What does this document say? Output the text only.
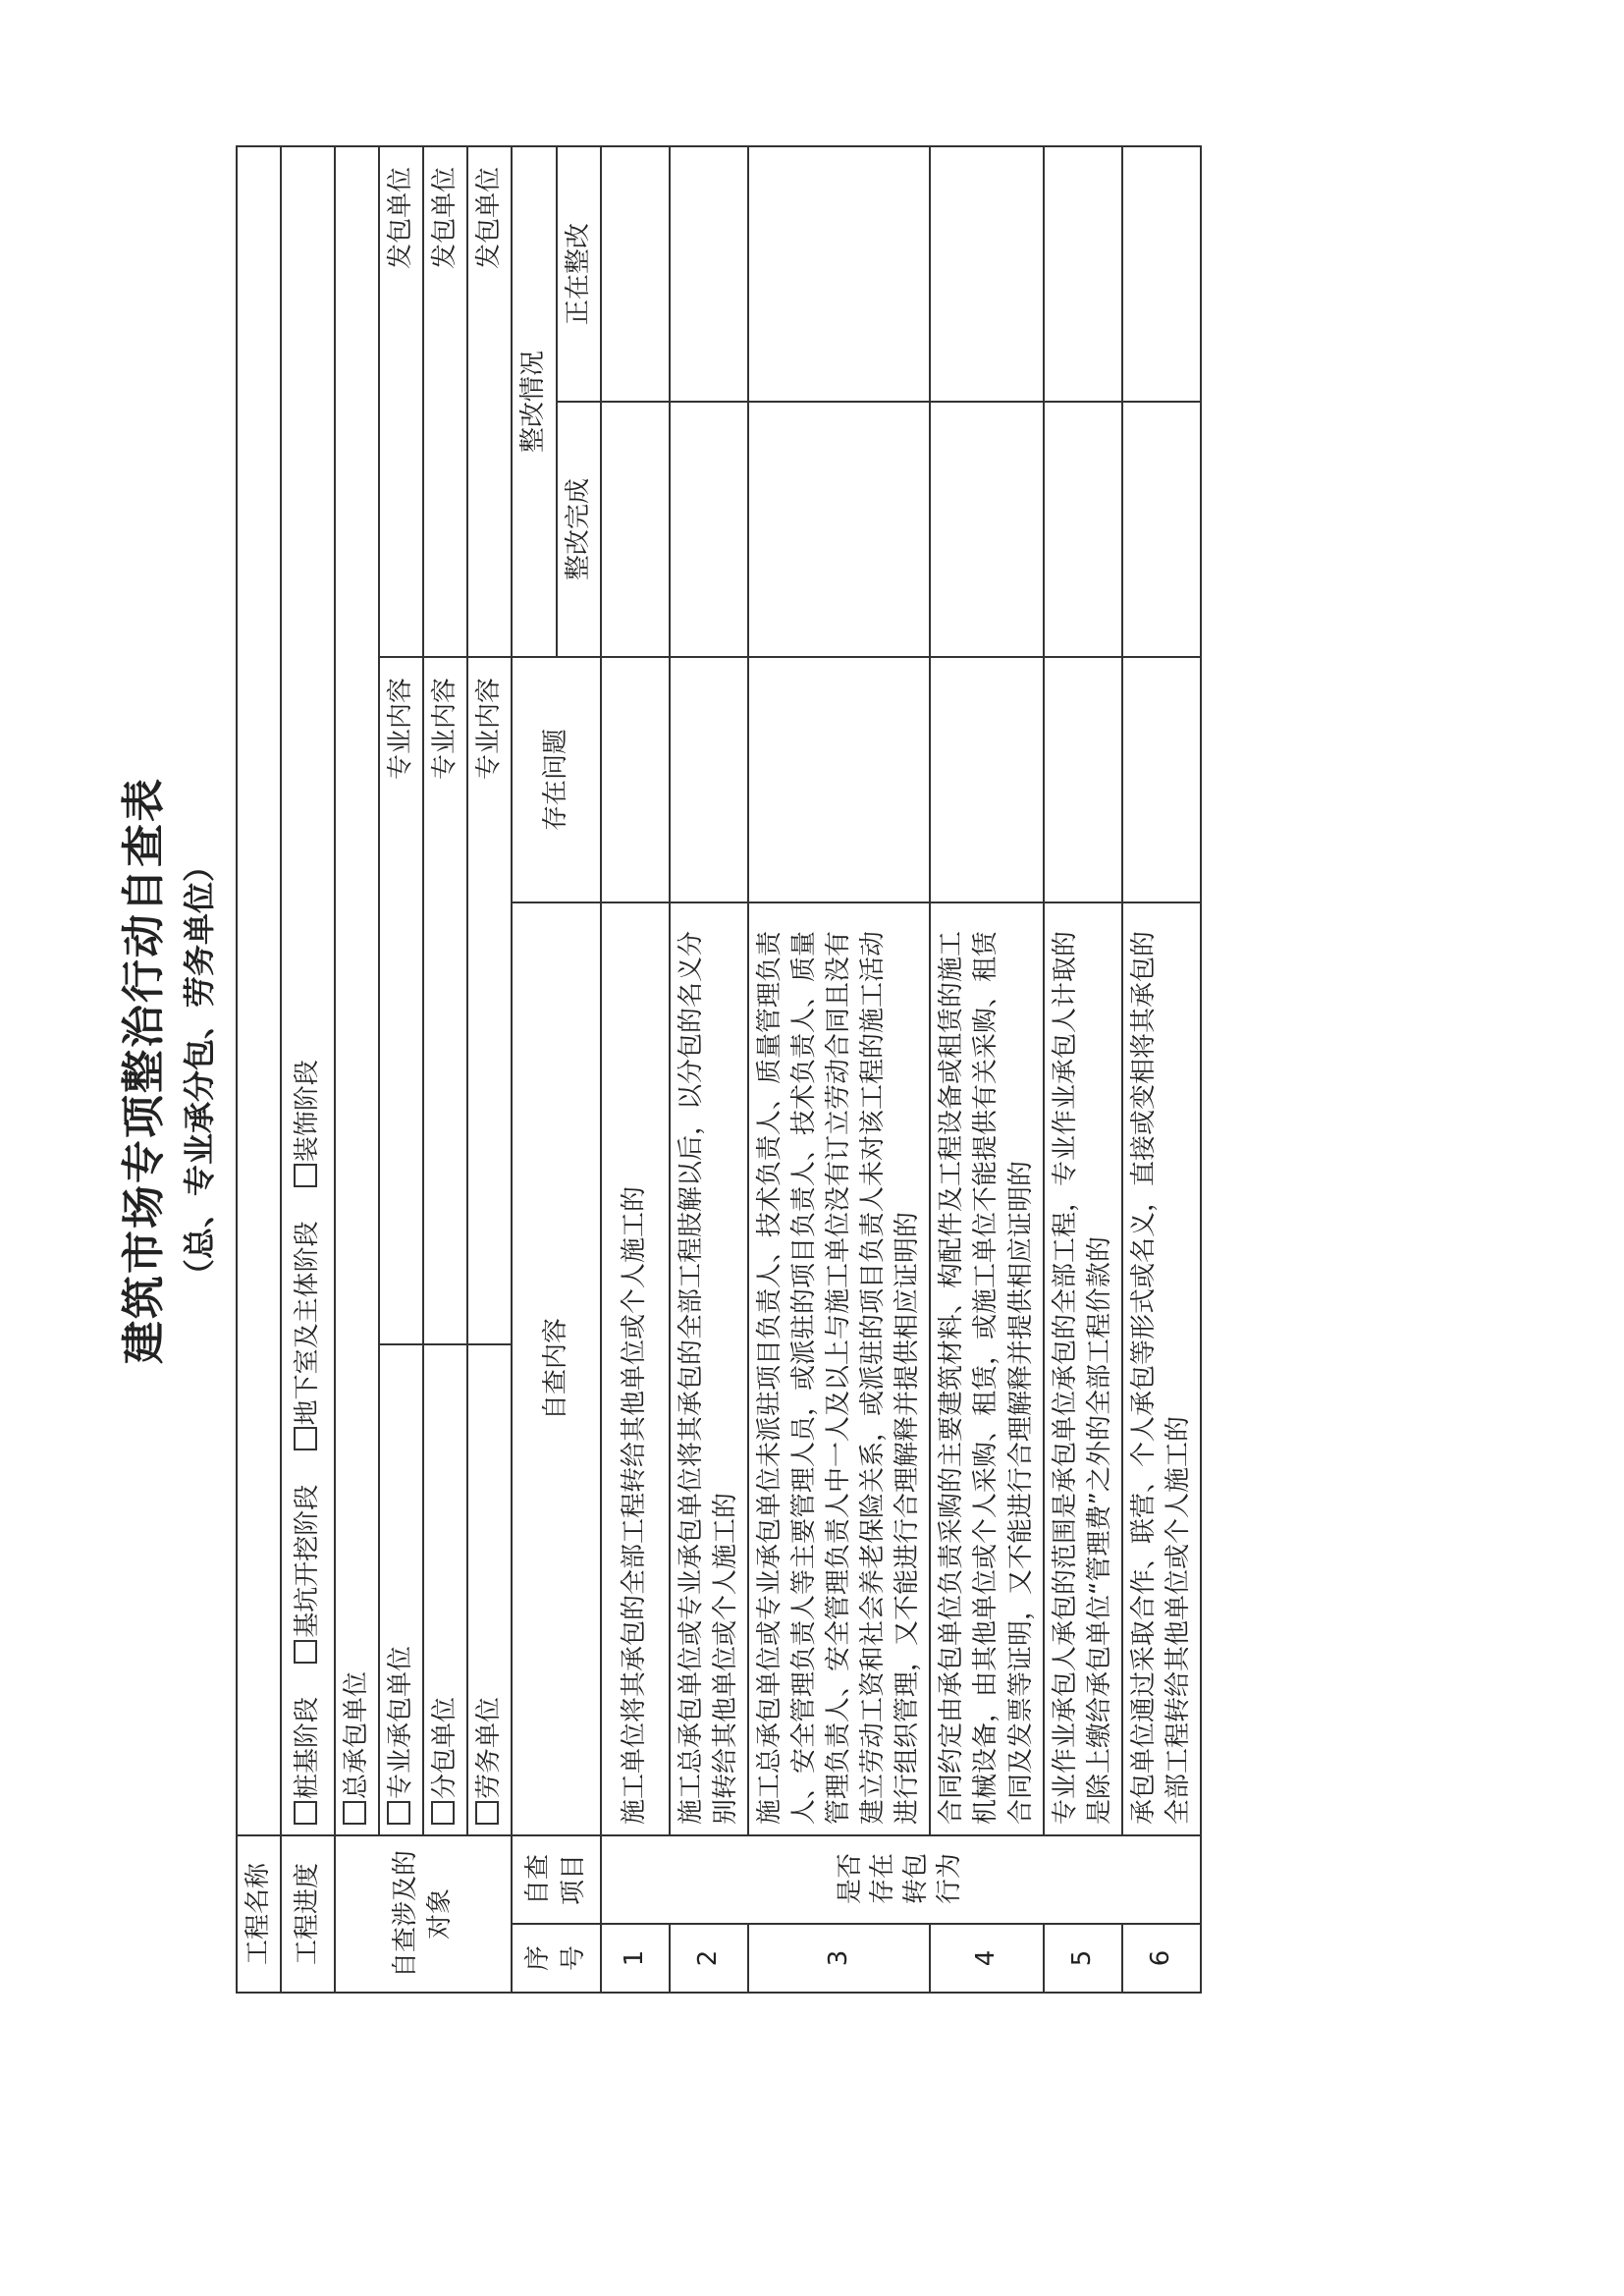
建筑市场专项整治行动自查表 （总、专业承分包、劳务单位）
工程名称						
工程进度		桩基阶段 基坑开挖阶段 地下室及主体阶段 装饰阶段				
自查涉及的对象		总承包单位				
		专业承包单位	专业内容		发包单位	

		分包单位	专业内容		发包单位	

		劳务单位	专业内容		发包单位	

序号	自查项目	自查内容		存在问题	整改情况	
					整改完成	正在整改
1	是否存在转包行为	施工单位将其承包的全部工程转给其他单位或个人施工的				
2		施工总承包单位或专业承包单位将其承包的全部工程肢解以后，以分包的名义分别转给其他单位或个人施工的				
3		施工总承包单位或专业承包单位未派驻项目负责人、技术负责人、质量管理负责人、安全管理负责人等主要管理人员，或派驻的项目负责人、技术负责人、质量管理负责人、安全管理负责人中一人及以上与施工单位没有订立劳动合同且没有建立劳动工资和社会养老保险关系，或派驻的项目负责人未对该工程的施工活动进行组织管理，又不能进行合理解释并提供相应证明的				
4		合同约定由承包单位负责采购的主要建筑材料、构配件及工程设备或租赁的施工机械设备，由其他单位或个人采购、租赁，或施工单位不能提供有关采购、租赁合同及发票等证明，又不能进行合理解释并提供相应证明的				
5		专业作业承包人承包的范围是承包单位承包的全部工程，专业作业承包人计取的是除上缴给承包单位“管理费”之外的全部工程价款的				
6		承包单位通过采取合作、联营、个人承包等形式或名义，直接或变相将其承包的全部工程转给其他单位或个人施工的				
